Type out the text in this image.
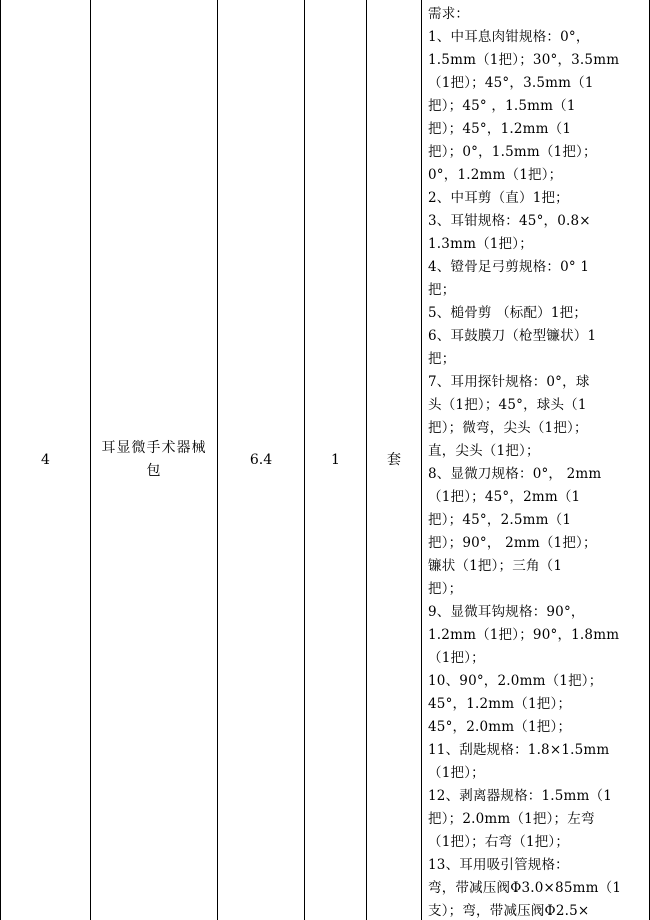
4
耳显微手术器械包
6.4	1	套
需求：
1、中耳息肉钳规格：0°，
1.5mm（1把）；30°，3.5mm
（1把）；45°，3.5mm（1
把）；45° ，1.5mm（1
把）；45°，1.2mm（1
把）；0°，1.5mm（1把）；
0°，1.2mm（1把）；
2、中耳剪（直）1把；
3、耳钳规格：45°，0.8×
1.3mm（1把）；
4、镫骨足弓剪规格：0° 1
把；
5、槌骨剪 （标配）1把；
6、耳鼓膜刀（枪型镰状）1
把；
7、耳用探针规格：0°，球
头（1把）；45°，球头（1
把）；微弯，尖头（1把）；
直，尖头（1把）；
8、显微刀规格：0°， 2mm
（1把）；45°，2mm（1
把）；45°，2.5mm（1
把）；90°， 2mm（1把）；
镰状（1把）；三角（1
把）；
9、显微耳钩规格：90°，
1.2mm（1把）；90°，1.8mm
（1把）；
10、90°，2.0mm（1把）；
45°，1.2mm（1把）；
45°，2.0mm（1把）；
11、刮匙规格：1.8×1.5mm
（1把）；
12、剥离器规格：1.5mm（1
把）；2.0mm（1把）；左弯
（1把）；右弯（1把）；
13、耳用吸引管规格：
弯，带减压阀Φ3.0×85mm（1
支）；弯，带减压阀Φ2.5×
